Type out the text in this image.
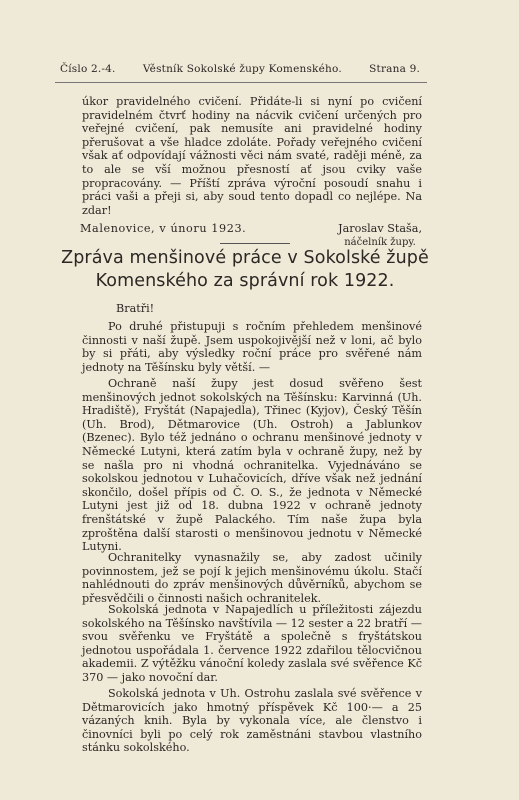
Číslo 2.-4.	Věstník Sokolské župy Komenského.	Strana 9.

úkor pravidelného cvičení. Přidáte-li si nyní po cvičení pravidelném čtvrť hodiny na nácvik cvičení určených pro veřejné cvičení, pak nemusíte ani pravidelné hodiny přerušovat a vše hladce zdoláte. Pořady veřejného cvičení však ať odpovídají vážnosti věci nám svaté, raději méně, za to ale se vší možnou přesností ať jsou cviky vaše propracovány. — Příští zpráva výroční posoudí snahu i práci vaši a přeji si, aby soud tento dopadl co nejlépe. Na zdar!

Malenovice, v únoru 1923.	Jaroslav Staša,
náčelník župy.
Zpráva menšinové práce v Sokolské župě Komenského za správní rok 1922.
Bratři!

Po druhé přistupuji s ročním přehledem menšinové činnosti v naší župě. Jsem uspokojivější než v loni, ač bylo by si přáti, aby výsledky roční práce pro svěřené nám jednoty na Těšínsku byly větší. —

Ochraně naší župy jest dosud svěřeno šest menšinových jednot sokolských na Těšínsku: Karvinná (Uh. Hradiště), Fryštát (Napajedla), Třinec (Kyjov), Český Těšín (Uh. Brod), Dětmarovice (Uh. Ostroh) a Jablunkov (Bzenec). Bylo též jednáno o ochranu menšinové jednoty v Německé Lutyni, která zatím byla v ochraně župy, než by se našla pro ni vhodná ochranitelka. Vyjednáváno se sokolskou jednotou v Luhačovicích, dříve však než jednání skončilo, došel přípis od Č. O. S., že jednota v Německé Lutyni jest již od 18. dubna 1922 v ochraně jednoty frenštátské v župě Palackého. Tím naše župa byla zproštěna další starosti o menšinovou jednotu v Německé Lutyni.

Ochranitelky vynasnažily se, aby zadost učinily povinnostem, jež se pojí k jejich menšinovému úkolu. Stačí nahlédnouti do zpráv menšinových důvěrníků, abychom se přesvědčili o činnosti našich ochranitelek.

Sokolská jednota v Napajedlích u příležitosti zájezdu sokolského na Těšínsko navštívila — 12 sester a 22 bratří — svou svěřenku ve Fryštátě a společně s fryštátskou jednotou uspořádala 1. července 1922 zdařilou tělocvičnou akademii. Z výtěžku vánoční koledy zaslala své svěřence Kč 370 — jako novoční dar.

Sokolská jednota v Uh. Ostrohu zaslala své svěřence v Dětmarovicích jako hmotný příspěvek Kč 100·— a 25 vázaných knih. Byla by vykonala více, ale členstvo i činovníci byli po celý rok zaměstnáni stavbou vlastního stánku sokolského.
